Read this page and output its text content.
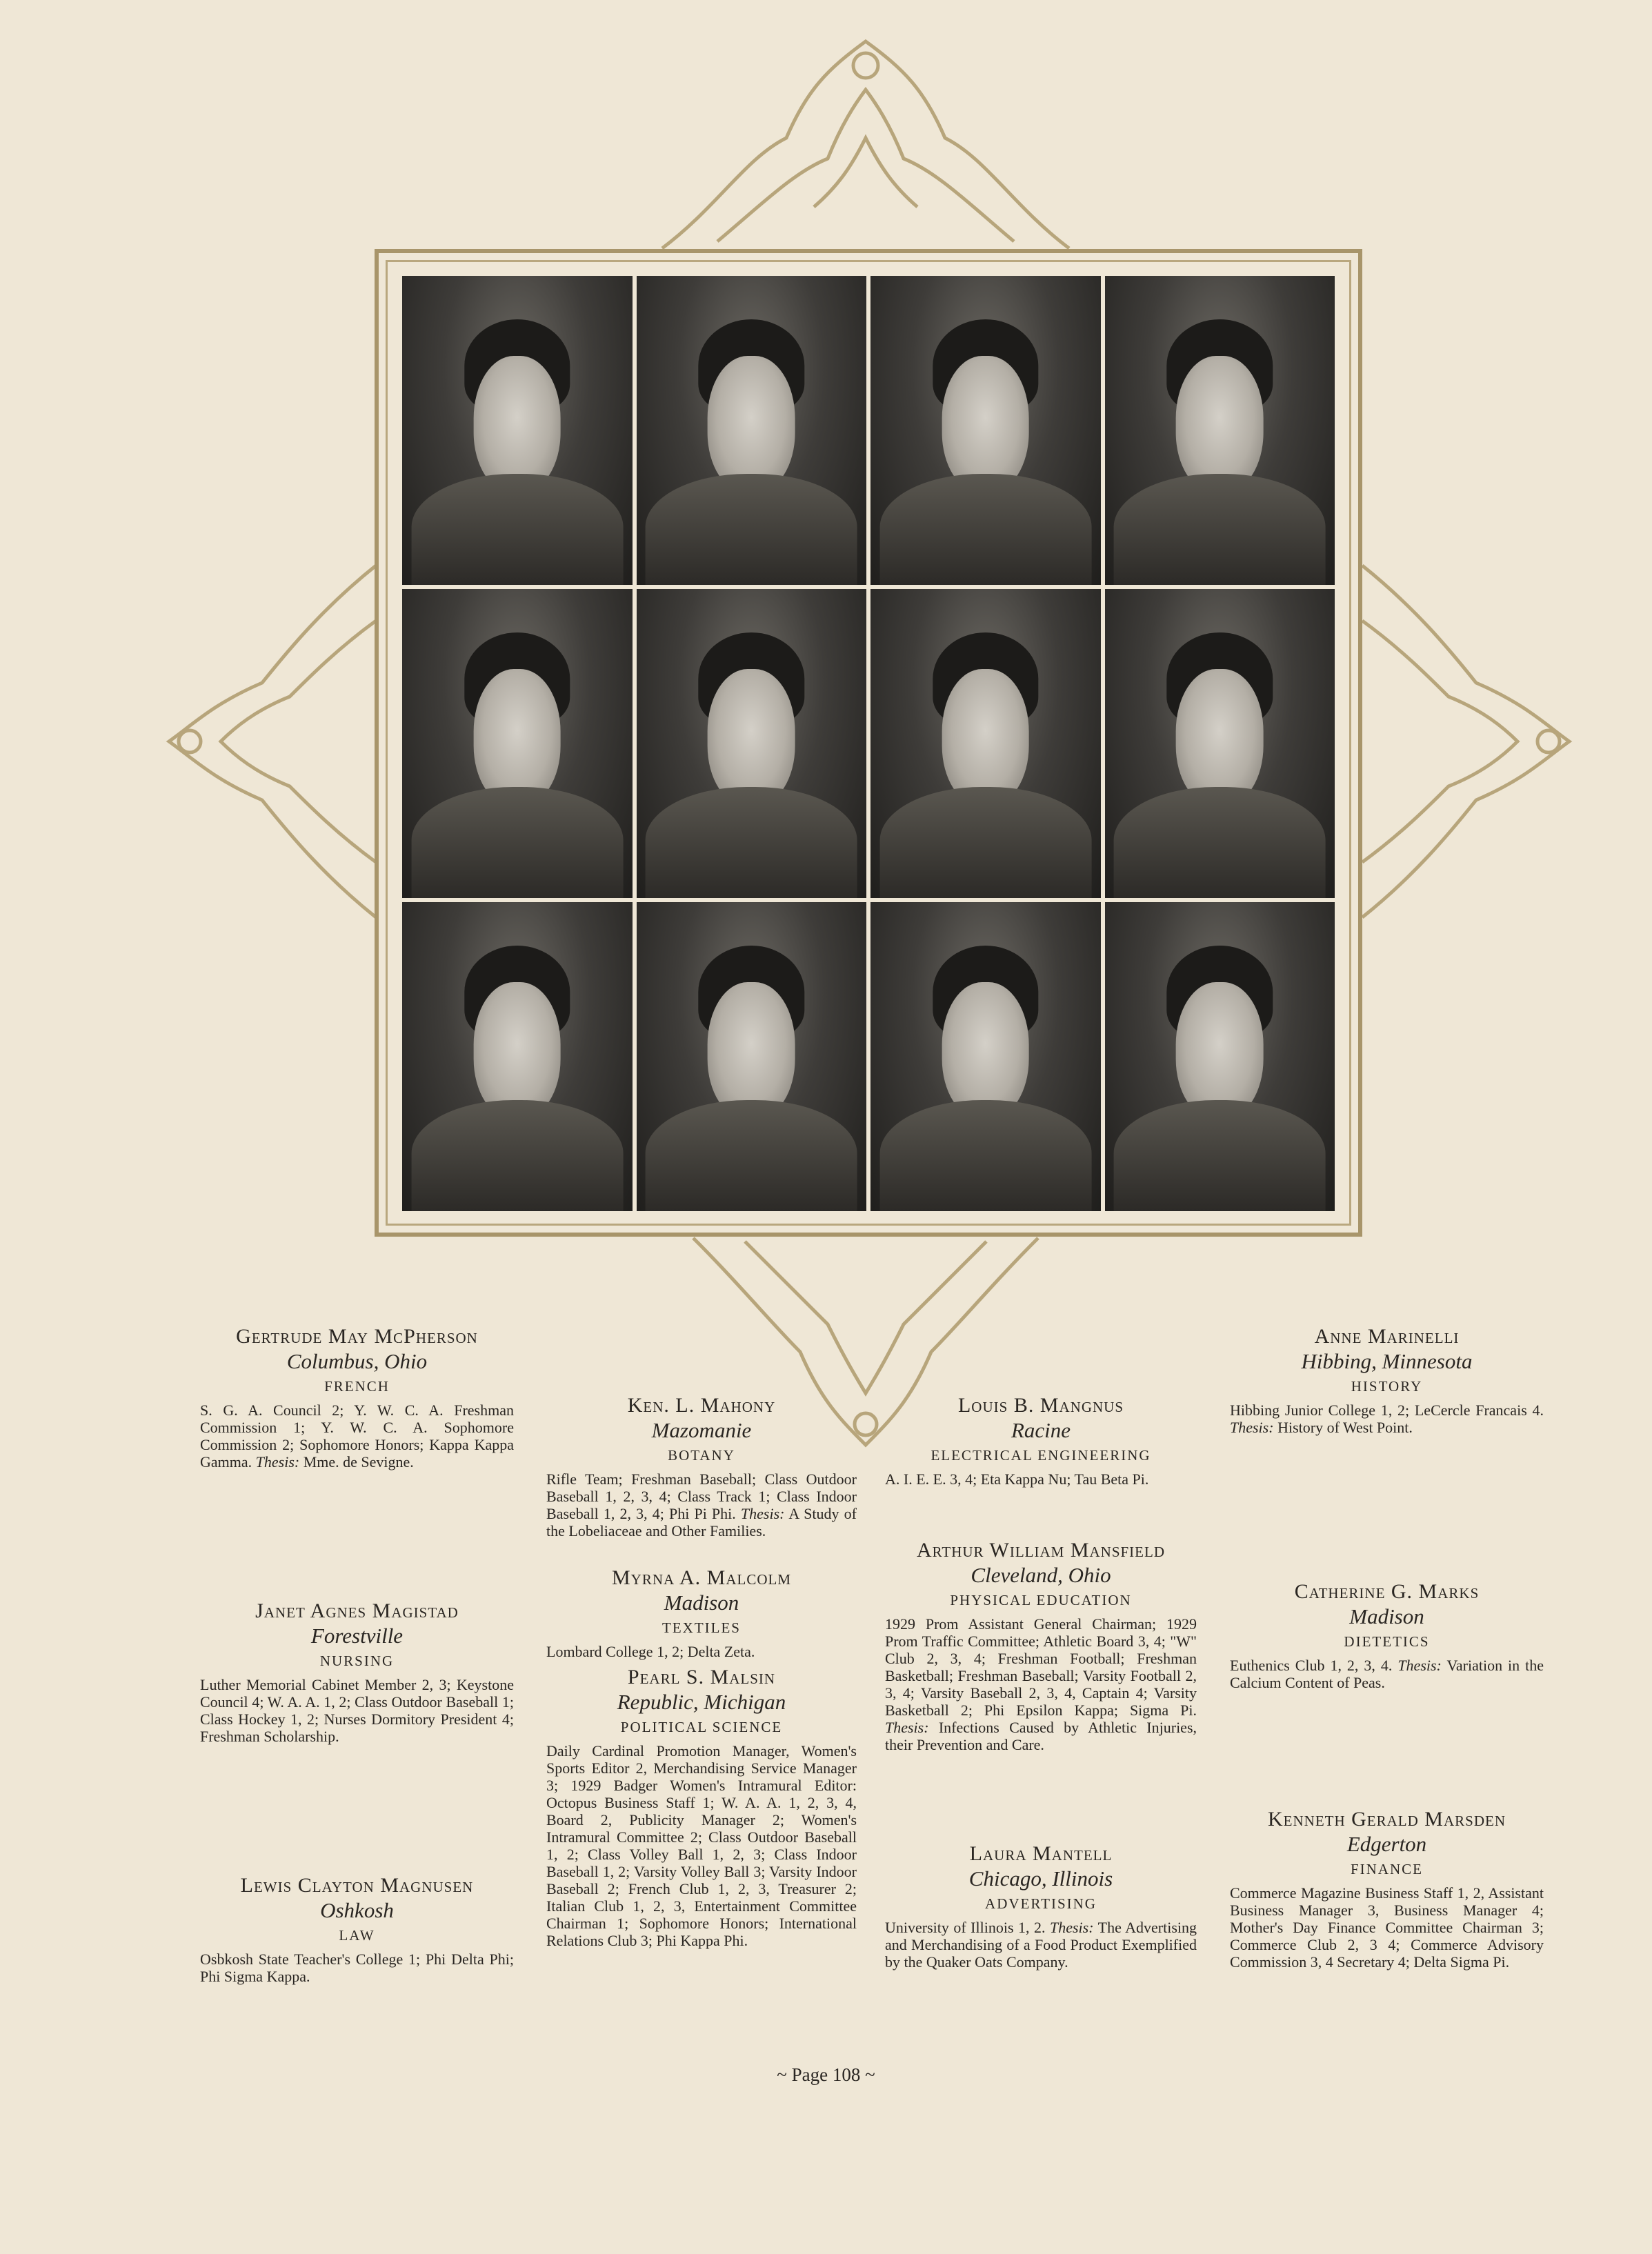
Gertrude May McPherson

Columbus, Ohio

FRENCH

S. G. A. Council 2; Y. W. C. A. Freshman Commission 1; Y. W. C. A. Sophomore Commission 2; Sophomore Honors; Kappa Kappa Gamma. Thesis: Mme. de Sevigne.

Janet Agnes Magistad

Forestville

NURSING

Luther Memorial Cabinet Member 2, 3; Keystone Council 4; W. A. A. 1, 2; Class Outdoor Baseball 1; Class Hockey 1, 2; Nurses Dormitory President 4; Freshman Scholarship.

Lewis Clayton Magnusen

Oshkosh

LAW

Osbkosh State Teacher's College 1; Phi Delta Phi; Phi Sigma Kappa.

Ken. L. Mahony

Mazomanie

BOTANY

Rifle Team; Freshman Baseball; Class Outdoor Baseball 1, 2, 3, 4; Class Track 1; Class Indoor Baseball 1, 2, 3, 4; Phi Pi Phi. Thesis: A Study of the Lobeliaceae and Other Families.

Myrna A. Malcolm

Madison

TEXTILES

Lombard College 1, 2; Delta Zeta.

Pearl S. Malsin

Republic, Michigan

POLITICAL SCIENCE

Daily Cardinal Promotion Manager, Women's Sports Editor 2, Merchandising Service Manager 3; 1929 Badger Women's Intramural Editor: Octopus Business Staff 1; W. A. A. 1, 2, 3, 4, Board 2, Publicity Manager 2; Women's Intramural Committee 2; Class Outdoor Baseball 1, 2; Class Volley Ball 1, 2, 3; Class Indoor Baseball 1, 2; Varsity Volley Ball 3; Varsity Indoor Baseball 2; French Club 1, 2, 3, Treasurer 2; Italian Club 1, 2, 3, Entertainment Committee Chairman 1; Sophomore Honors; International Relations Club 3; Phi Kappa Phi.

Louis B. Mangnus

Racine

ELECTRICAL ENGINEERING

A. I. E. E. 3, 4; Eta Kappa Nu; Tau Beta Pi.

Arthur William Mansfield

Cleveland, Ohio

PHYSICAL EDUCATION

1929 Prom Assistant General Chairman; 1929 Prom Traffic Committee; Athletic Board 3, 4; "W" Club 2, 3, 4; Freshman Football; Freshman Basketball; Freshman Baseball; Varsity Football 2, 3, 4; Varsity Baseball 2, 3, 4, Captain 4; Varsity Basketball 2; Phi Epsilon Kappa; Sigma Pi. Thesis: Infections Caused by Athletic Injuries, their Prevention and Care.

Laura Mantell

Chicago, Illinois

ADVERTISING

University of Illinois 1, 2. Thesis: The Advertising and Merchandising of a Food Product Exemplified by the Quaker Oats Company.

Anne Marinelli

Hibbing, Minnesota

HISTORY

Hibbing Junior College 1, 2; LeCercle Francais 4. Thesis: History of West Point.

Catherine G. Marks

Madison

DIETETICS

Euthenics Club 1, 2, 3, 4. Thesis: Variation in the Calcium Content of Peas.

Kenneth Gerald Marsden

Edgerton

FINANCE

Commerce Magazine Business Staff 1, 2, Assistant Business Manager 3, Business Manager 4; Mother's Day Finance Committee Chairman 3; Commerce Club 2, 3 4; Commerce Advisory Commission 3, 4 Secretary 4; Delta Sigma Pi.

~ Page 108 ~
